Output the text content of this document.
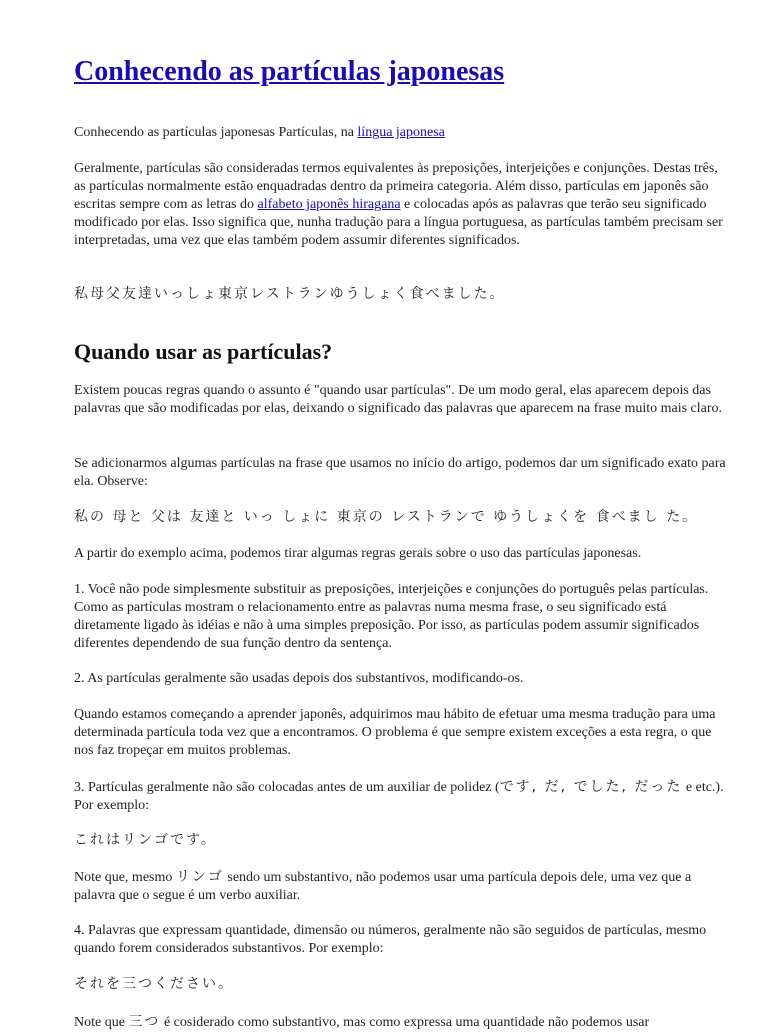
Conhecendo as partículas japonesas

Conhecendo as partículas japonesas Partículas, na língua japonesa

Geralmente, partículas são consideradas termos equivalentes às preposições, interjeições e conjunções. Destas três, as partículas normalmente estão enquadradas dentro da primeira categoria. Além disso, partículas em japonês são escritas sempre com as letras do alfabeto japonês hiragana e colocadas após as palavras que terão seu significado modificado por elas. Isso significa que, nunha tradução para a língua portuguesa, as partículas também precisam ser interpretadas, uma vez que elas também podem assumir diferentes significados.

私母父友達いっしょ東京レストランゆうしょく食べました。

Quando usar as partículas?

Existem poucas regras quando o assunto é "quando usar partículas". De um modo geral, elas aparecem depois das palavras que são modificadas por elas, deixando o significado das palavras que aparecem na frase muito mais claro.

Se adicionarmos algumas partículas na frase que usamos no início do artigo, podemos dar um significado exato para ela. Observe:

私の 母と 父は 友達と いっ しょに 東京の レストランで ゆうしょくを 食べまし た。

A partir do exemplo acima, podemos tirar algumas regras gerais sobre o uso das partículas japonesas.

1. Você não pode simplesmente substituir as preposições, interjeições e conjunções do português pelas partículas. Como as partículas mostram o relacionamento entre as palavras numa mesma frase, o seu significado está diretamente ligado às idéias e não à uma simples preposição. Por isso, as partículas podem assumir significados diferentes dependendo de sua função dentro da sentença.

2. As partículas geralmente são usadas depois dos substantivos, modificando-os.

Quando estamos começando a aprender japonês, adquirimos mau hábito de efetuar uma mesma tradução para uma determinada partícula toda vez que a encontramos. O problema é que sempre existem exceções a esta regra, o que nos faz tropeçar em muitos problemas.

3. Partículas geralmente não são colocadas antes de um auxiliar de polidez (です, だ, でした, だった e etc.). Por exemplo:

これはリンゴです。

Note que, mesmo リンゴ sendo um substantivo, não podemos usar uma partícula depois dele, uma vez que a palavra que o segue é um verbo auxiliar.

4. Palavras que expressam quantidade, dimensão ou números, geralmente não são seguidos de partículas, mesmo quando forem considerados substantivos. Por exemplo:

それを三つください。

Note que 三つ é cosiderado como substantivo, mas como expressa uma quantidade não podemos usar
